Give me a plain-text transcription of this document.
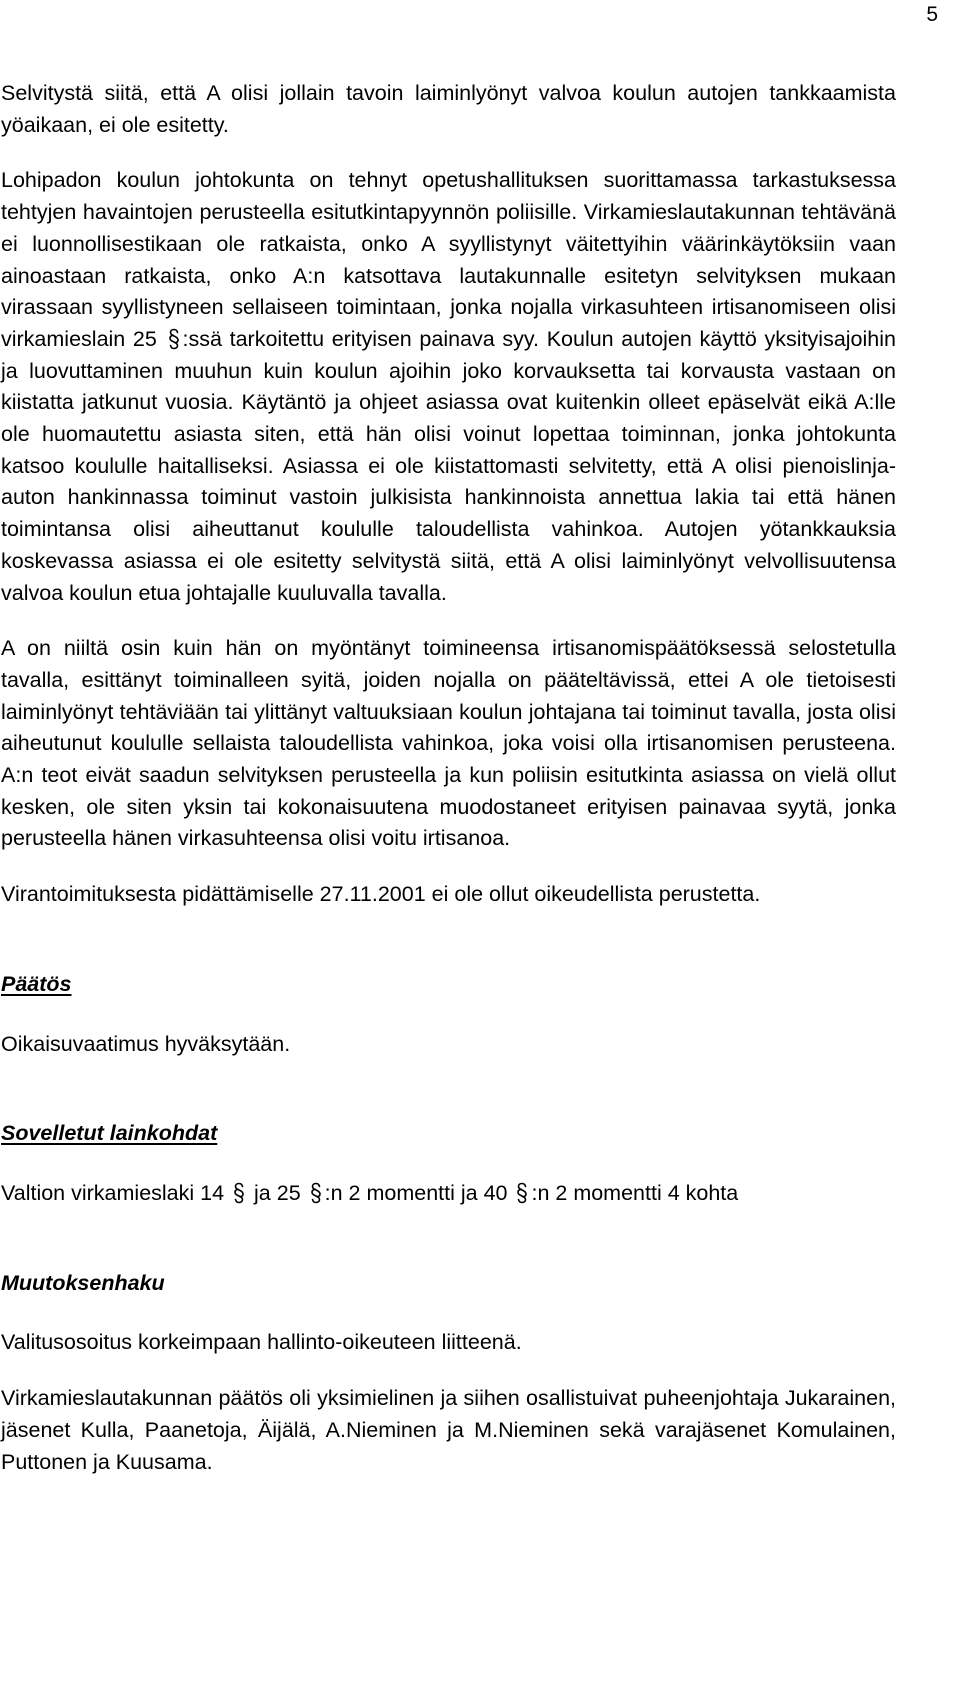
5

Selvitystä siitä, että A olisi jollain tavoin laiminlyönyt valvoa koulun autojen tankkaamista yöaikaan, ei ole esitetty.

Lohipadon koulun johtokunta on tehnyt opetushallituksen suorittamassa tarkastuksessa tehtyjen havaintojen perusteella esitutkintapyynnön poliisille. Virkamieslautakunnan tehtävänä ei luonnollisestikaan ole ratkaista, onko A syyllistynyt väitettyihin väärinkäytöksiin vaan ainoastaan ratkaista, onko A:n katsottava lautakunnalle esitetyn selvityksen mukaan virassaan syyllistyneen sellaiseen toimintaan, jonka nojalla virkasuhteen irtisanomiseen olisi virkamieslain 25 :ssä tarkoitettu erityisen painava syy. Koulun autojen käyttö yksityisajoihin ja luovuttaminen muuhun kuin koulun ajoihin joko korvauksetta tai korvausta vastaan on kiistatta jatkunut vuosia. Käytäntö ja ohjeet asiassa ovat kuitenkin olleet epäselvät eikä A:lle ole huomautettu asiasta siten, että hän olisi voinut lopettaa toiminnan, jonka johtokunta katsoo koululle haitalliseksi. Asiassa ei ole kiistattomasti selvitetty, että A olisi pienoislinja-auton hankinnassa toiminut vastoin julkisista hankinnoista annettua lakia tai että hänen toimintansa olisi aiheuttanut koululle taloudellista vahinkoa. Autojen yötankkauksia koskevassa asiassa ei ole esitetty selvitystä siitä, että A olisi laiminlyönyt velvollisuutensa valvoa koulun etua johtajalle kuuluvalla tavalla.

A on niiltä osin kuin hän on myöntänyt toimineensa irtisanomispäätöksessä selostetulla tavalla, esittänyt toiminalleen syitä, joiden nojalla on pääteltävissä, ettei A ole tietoisesti laiminlyönyt tehtäviään tai ylittänyt valtuuksiaan koulun johtajana tai toiminut tavalla, josta olisi aiheutunut koululle sellaista taloudellista vahinkoa, joka voisi olla irtisanomisen perusteena. A:n teot eivät saadun selvityksen perusteella ja kun poliisin esitutkinta asiassa on vielä ollut kesken, ole siten yksin tai kokonaisuutena muodostaneet erityisen painavaa syytä, jonka perusteella hänen virkasuhteensa olisi voitu irtisanoa.

Virantoimituksesta pidättämiselle 27.11.2001 ei ole ollut oikeudellista perustetta.

Päätös

Oikaisuvaatimus hyväksytään.

Sovelletut lainkohdat

Valtion virkamieslaki 14 ja 25 :n 2 momentti ja 40 :n 2 momentti 4 kohta

Muutoksenhaku

Valitusosoitus korkeimpaan hallinto-oikeuteen liitteenä.

Virkamieslautakunnan päätös oli yksimielinen ja siihen osallistuivat puheenjohtaja Jukarainen, jäsenet Kulla, Paanetoja, Äijälä, A.Nieminen ja M.Nieminen sekä varajäsenet Komulainen, Puttonen ja Kuusama.
